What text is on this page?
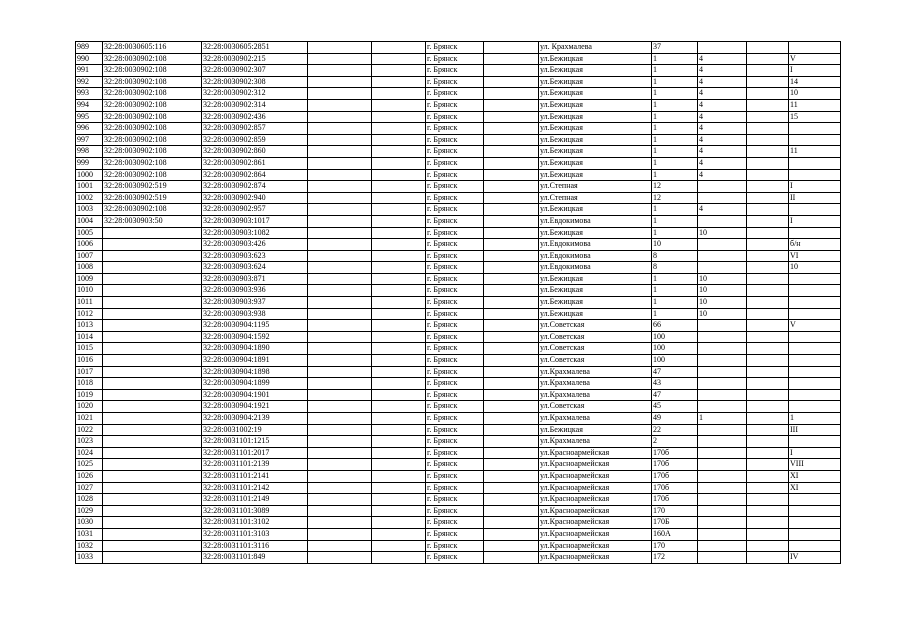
989	32:28:0030605:116	32:28:0030605:2851			г. Брянск		ул. Крахмалева	37			
990	32:28:0030902:108	32:28:0030902:215			г. Брянск		ул.Бежицкая	1	4		V
991	32:28:0030902:108	32:28:0030902:307			г. Брянск		ул.Бежицкая	1	4		I
992	32:28:0030902:108	32:28:0030902:308			г. Брянск		ул.Бежицкая	1	4		14
993	32:28:0030902:108	32:28:0030902:312			г. Брянск		ул.Бежицкая	1	4		10
994	32:28:0030902:108	32:28:0030902:314			г. Брянск		ул.Бежицкая	1	4		11
995	32:28:0030902:108	32:28:0030902:436			г. Брянск		ул.Бежицкая	1	4		15
996	32:28:0030902:108	32:28:0030902:857			г. Брянск		ул.Бежицкая	1	4		
997	32:28:0030902:108	32:28:0030902:859			г. Брянск		ул.Бежицкая	1	4		
998	32:28:0030902:108	32:28:0030902:860			г. Брянск		ул.Бежицкая	1	4		11
999	32:28:0030902:108	32:28:0030902:861			г. Брянск		ул.Бежицкая	1	4		
1000	32:28:0030902:108	32:28:0030902:864			г. Брянск		ул.Бежицкая	1	4		
1001	32:28:0030902:519	32:28:0030902:874			г. Брянск		ул.Степная	12			I
1002	32:28:0030902:519	32:28:0030902:940			г. Брянск		ул.Степная	12			II
1003	32:28:0030902:108	32:28:0030902:957			г. Брянск		ул.Бежицкая	1	4		
1004	32:28:0030903:50	32:28:0030903:1017			г. Брянск		ул.Евдокимова	1			I
1005		32:28:0030903:1082			г. Брянск		ул.Бежицкая	1	10		
1006		32:28:0030903:426			г. Брянск		ул.Евдокимова	10			б/н
1007		32:28:0030903:623			г. Брянск		ул.Евдокимова	8			VI
1008		32:28:0030903:624			г. Брянск		ул.Евдокимова	8			10
1009		32:28:0030903:871			г. Брянск		ул.Бежицкая	1	10		
1010		32:28:0030903:936			г. Брянск		ул.Бежицкая	1	10		
1011		32:28:0030903:937			г. Брянск		ул.Бежицкая	1	10		
1012		32:28:0030903:938			г. Брянск		ул.Бежицкая	1	10		
1013		32:28:0030904:1195			г. Брянск		ул.Советская	66			V
1014		32:28:0030904:1592			г. Брянск		ул.Советская	100			
1015		32:28:0030904:1890			г. Брянск		ул.Советская	100			
1016		32:28:0030904:1891			г. Брянск		ул.Советская	100			
1017		32:28:0030904:1898			г. Брянск		ул.Крахмалева	47			
1018		32:28:0030904:1899			г. Брянск		ул.Крахмалева	43			
1019		32:28:0030904:1901			г. Брянск		ул.Крахмалева	47			
1020		32:28:0030904:1921			г. Брянск		ул.Советская	45			
1021		32:28:0030904:2139			г. Брянск		ул.Крахмалева	49	1		1
1022		32:28:0031002:19			г. Брянск		ул.Бежицкая	22			III
1023		32:28:0031101:1215			г. Брянск		ул.Крахмалева	2			
1024		32:28:0031101:2017			г. Брянск		ул.Красноармейская	170б			I
1025		32:28:0031101:2139			г. Брянск		ул.Красноармейская	170б			VIII
1026		32:28:0031101:2141			г. Брянск		ул.Красноармейская	170б			XI
1027		32:28:0031101:2142			г. Брянск		ул.Красноармейская	170б			XI
1028		32:28:0031101:2149			г. Брянск		ул.Красноармейская	170б			
1029		32:28:0031101:3089			г. Брянск		ул.Красноармейская	170			
1030		32:28:0031101:3102			г. Брянск		ул.Красноармейская	170Б			
1031		32:28:0031101:3103			г. Брянск		ул.Красноармейская	160А			
1032		32:28:0031101:3116			г. Брянск		ул.Красноармейская	170			
1033		32:28:0031101:849			г. Брянск		ул.Красноармейская	172			IV
